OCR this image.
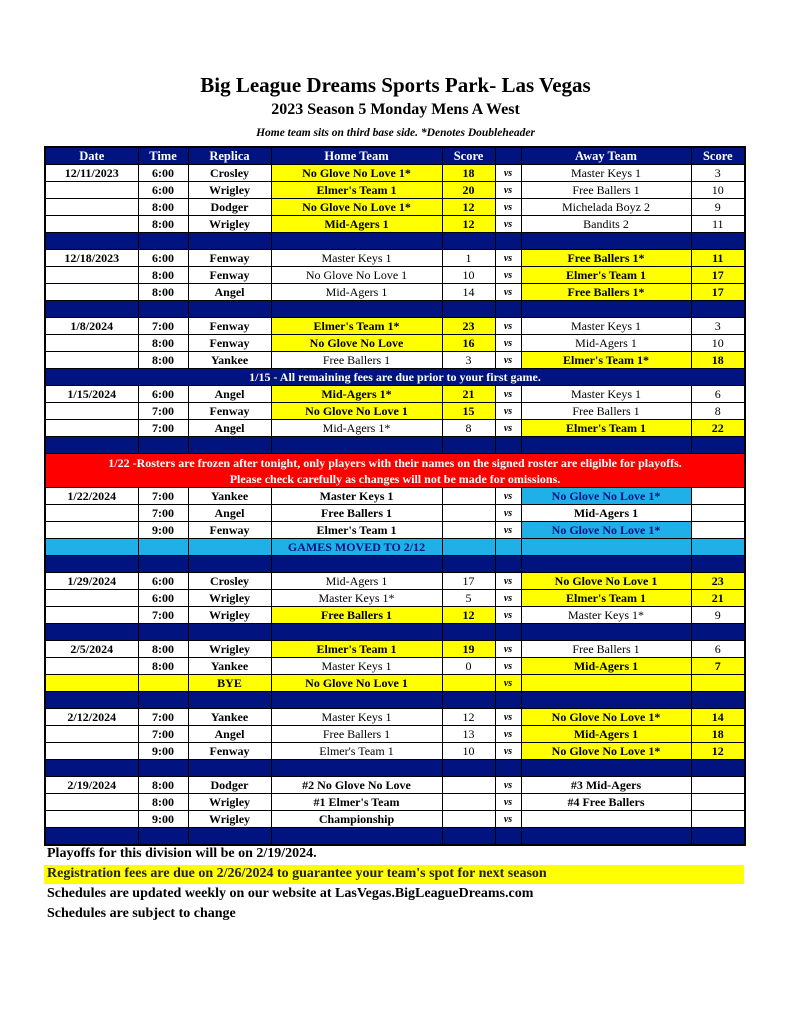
Big League Dreams Sports Park- Las Vegas
2023 Season 5 Monday Mens A West
Home team sits on third base side. *Denotes Doubleheader
Date	Time	Replica	Home Team	Score		Away Team	Score
12/11/2023	6:00	Crosley	No Glove No Love 1*	18	vs	Master Keys 1	3
	6:00	Wrigley	Elmer's Team 1	20	vs	Free Ballers 1	10
	8:00	Dodger	No Glove No Love 1*	12	vs	Michelada Boyz 2	9
	8:00	Wrigley	Mid-Agers 1	12	vs	Bandits 2	11

12/18/2023	6:00	Fenway	Master Keys 1	1	vs	Free Ballers 1*	11
	8:00	Fenway	No Glove No Love 1	10	vs	Elmer's Team 1	17
	8:00	Angel	Mid-Agers 1	14	vs	Free Ballers 1*	17

1/8/2024	7:00	Fenway	Elmer's Team 1*	23	vs	Master Keys 1	3
	8:00	Fenway	No Glove No Love	16	vs	Mid-Agers 1	10
	8:00	Yankee	Free Ballers 1	3	vs	Elmer's Team 1*	18
1/15 - All remaining fees are due prior to your first game.							
1/15/2024	6:00	Angel	Mid-Agers 1*	21	vs	Master Keys 1	6
	7:00	Fenway	No Glove No Love 1	15	vs	Free Ballers 1	8
	7:00	Angel	Mid-Agers 1*	8	vs	Elmer's Team 1	22

1/22 -Rosters are frozen after tonight, only players with their names on the signed roster are eligible for playoffs.
Please check carefully as changes will not be made for omissions.							

1/22/2024	7:00	Yankee	Master Keys 1		vs	No Glove No Love 1*	
	7:00	Angel	Free Ballers 1		vs	Mid-Agers 1	
	9:00	Fenway	Elmer's Team 1		vs	No Glove No Love 1*	
			GAMES MOVED TO 2/12				

1/29/2024	6:00	Crosley	Mid-Agers 1	17	vs	No Glove No Love 1	23
	6:00	Wrigley	Master Keys 1*	5	vs	Elmer's Team 1	21
	7:00	Wrigley	Free Ballers 1	12	vs	Master Keys 1*	9

2/5/2024	8:00	Wrigley	Elmer's Team 1	19	vs	Free Ballers 1	6
	8:00	Yankee	Master Keys 1	0	vs	Mid-Agers 1	7
		BYE	No Glove No Love 1		vs		

2/12/2024	7:00	Yankee	Master Keys 1	12	vs	No Glove No Love 1*	14
	7:00	Angel	Free Ballers 1	13	vs	Mid-Agers 1	18
	9:00	Fenway	Elmer's Team 1	10	vs	No Glove No Love 1*	12

2/19/2024	8:00	Dodger	#2 No Glove No Love		vs	#3 Mid-Agers	
	8:00	Wrigley	#1 Elmer's Team		vs	#4 Free Ballers	
	9:00	Wrigley	Championship		vs		

Playoffs for this division will be on 2/19/2024.
Registration fees are due on 2/26/2024 to guarantee your team's spot for next season
Schedules are updated weekly on our website at LasVegas.BigLeagueDreams.com
Schedules are subject to change
